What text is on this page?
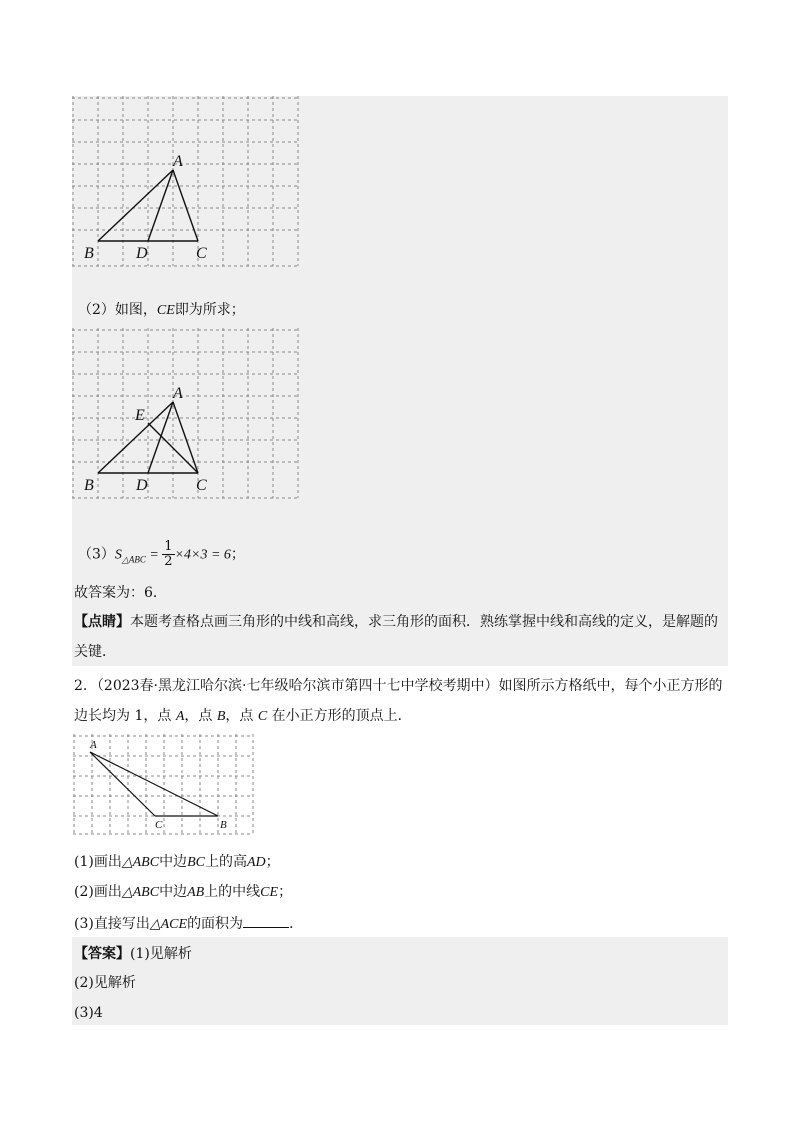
A
B	D	C
（2）如图，CE即为所求；
A
E
B	D	C
$(3)S_{\triangle ABC} = \frac{1}{2} \times 4\times 3 = 6$；
故答案为：6．
【点睛】本题考查格点画三角形的中线和高线，求三角形的面积．熟练掌握中线和高线的定义，是解题的
关键．
2．（2023春·黑龙江哈尔滨·七年级哈尔滨市第四十七中学校考期中）如图所示方格纸中，每个小正方形的
边长均为 1，点 A，点 B，点 C 在小正方形的顶点上．
A
C	B
(1)画出△ABC中边BC上的高AD；
(2)画出△ABC中边AB上的中线CE；
(3)直接写出△ACE的面积为	．
【答案】(1)见解析
(2)见解析
(3)4
